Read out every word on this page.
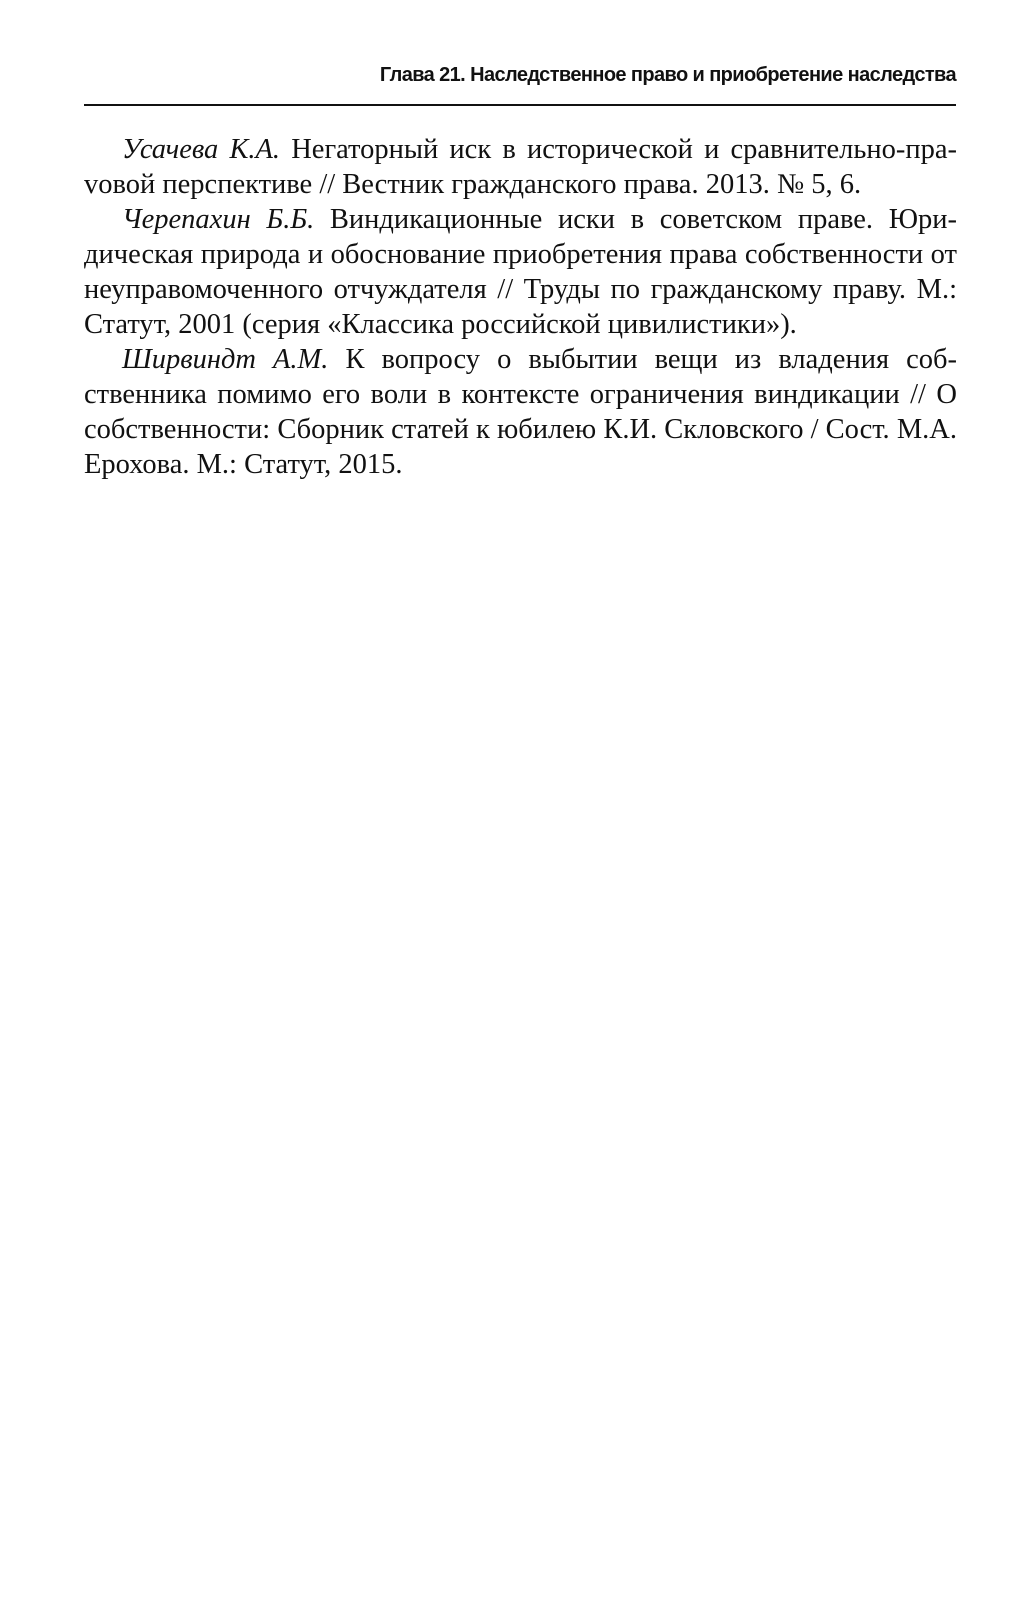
Глава 21. Наследственное право и приобретение наследства

Усачева К.А. Негаторный иск в исторической и сравнительно-праvовой перспективе // Вестник гражданского права. 2013. № 5, 6.

Черепахин Б.Б. Виндикационные иски в советском праве. Юридическая природа и обоснование приобретения права собственности от неуправомоченного отчуждателя // Труды по гражданскому праву. М.: Статут, 2001 (серия «Классика российской цивилистики»).

Ширвиндт А.М. К вопросу о выбытии вещи из владения собственника помимо его воли в контексте ограничения виндикации // О собственности: Сборник статей к юбилею К.И. Скловского / Сост. М.А. Ерохова. М.: Статут, 2015.
